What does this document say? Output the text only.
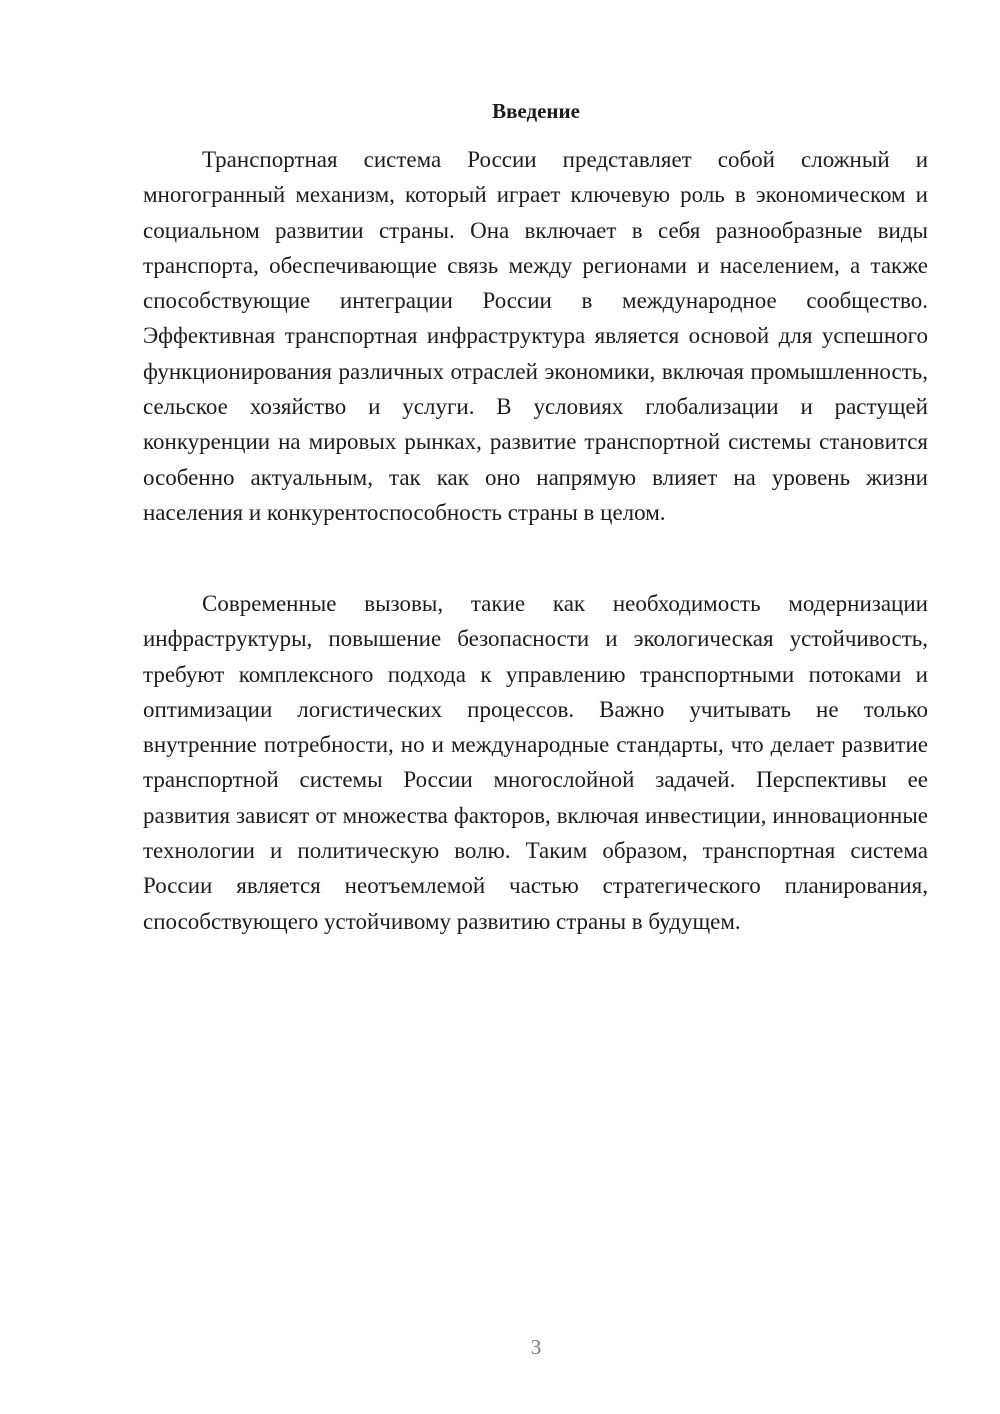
Введение

Транспортная система России представляет собой сложный и многогранный механизм, который играет ключевую роль в экономическом и социальном развитии страны. Она включает в себя разнообразные виды транспорта, обеспечивающие связь между регионами и населением, а также способствующие интеграции России в международное сообщество. Эффективная транспортная инфраструктура является основой для успешного функционирования различных отраслей экономики, включая промышленность, сельское хозяйство и услуги. В условиях глобализации и растущей конкуренции на мировых рынках, развитие транспортной системы становится особенно актуальным, так как оно напрямую влияет на уровень жизни населения и конкурентоспособность страны в целом.

Современные вызовы, такие как необходимость модернизации инфраструктуры, повышение безопасности и экологическая устойчивость, требуют комплексного подхода к управлению транспортными потоками и оптимизации логистических процессов. Важно учитывать не только внутренние потребности, но и международные стандарты, что делает развитие транспортной системы России многослойной задачей. Перспективы ее развития зависят от множества факторов, включая инвестиции, инновационные технологии и политическую волю. Таким образом, транспортная система России является неотъемлемой частью стратегического планирования, способствующего устойчивому развитию страны в будущем.

3
